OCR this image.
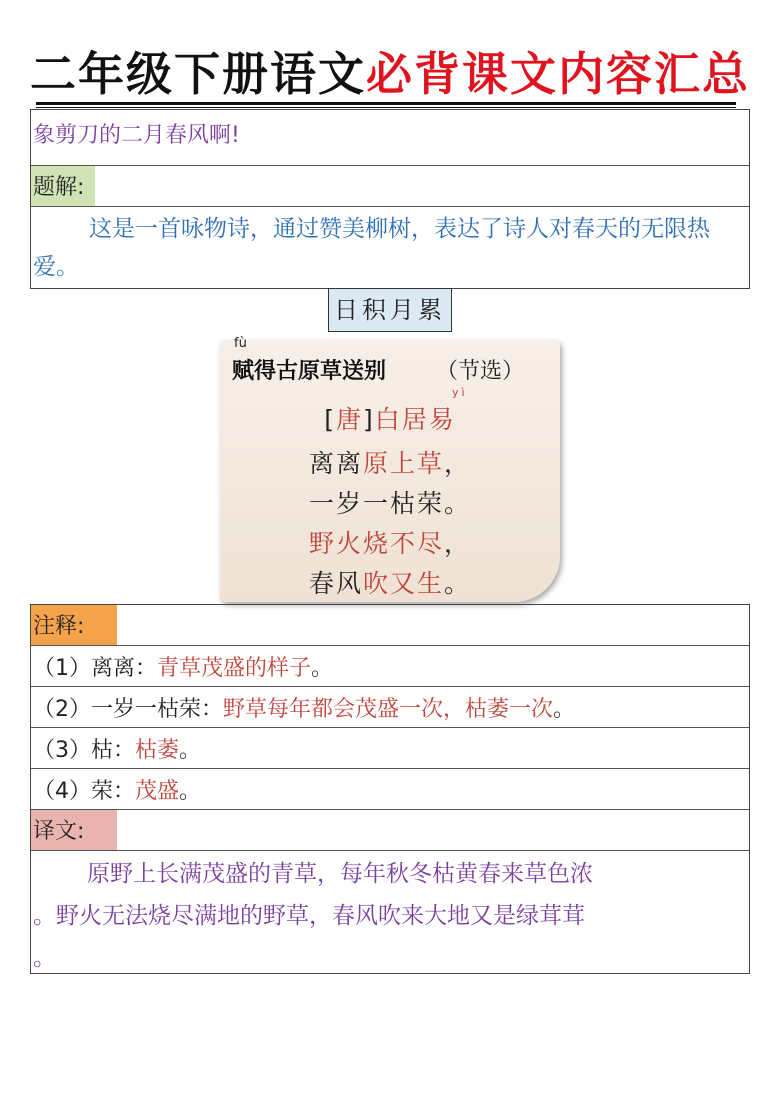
二年级下册语文必背课文内容汇总
象剪刀的二月春风啊!
题解:
这是一首咏物诗，通过赞美柳树，表达了诗人对春天的无限热爱。
日积月累
fù
赋得古原草送别 （节选）
yì
[唐]白居易
离离原上草，
一岁一枯荣。
野火烧不尽，
春风吹又生。
注释:
（1）离离：青草茂盛的样子。
（2）一岁一枯荣：野草每年都会茂盛一次，枯萎一次。
（3）枯：枯萎。
（4）荣：茂盛。
译文:
原野上长满茂盛的青草，每年秋冬枯黄春来草色浓
。野火无法烧尽满地的野草，春风吹来大地又是绿茸茸
。
